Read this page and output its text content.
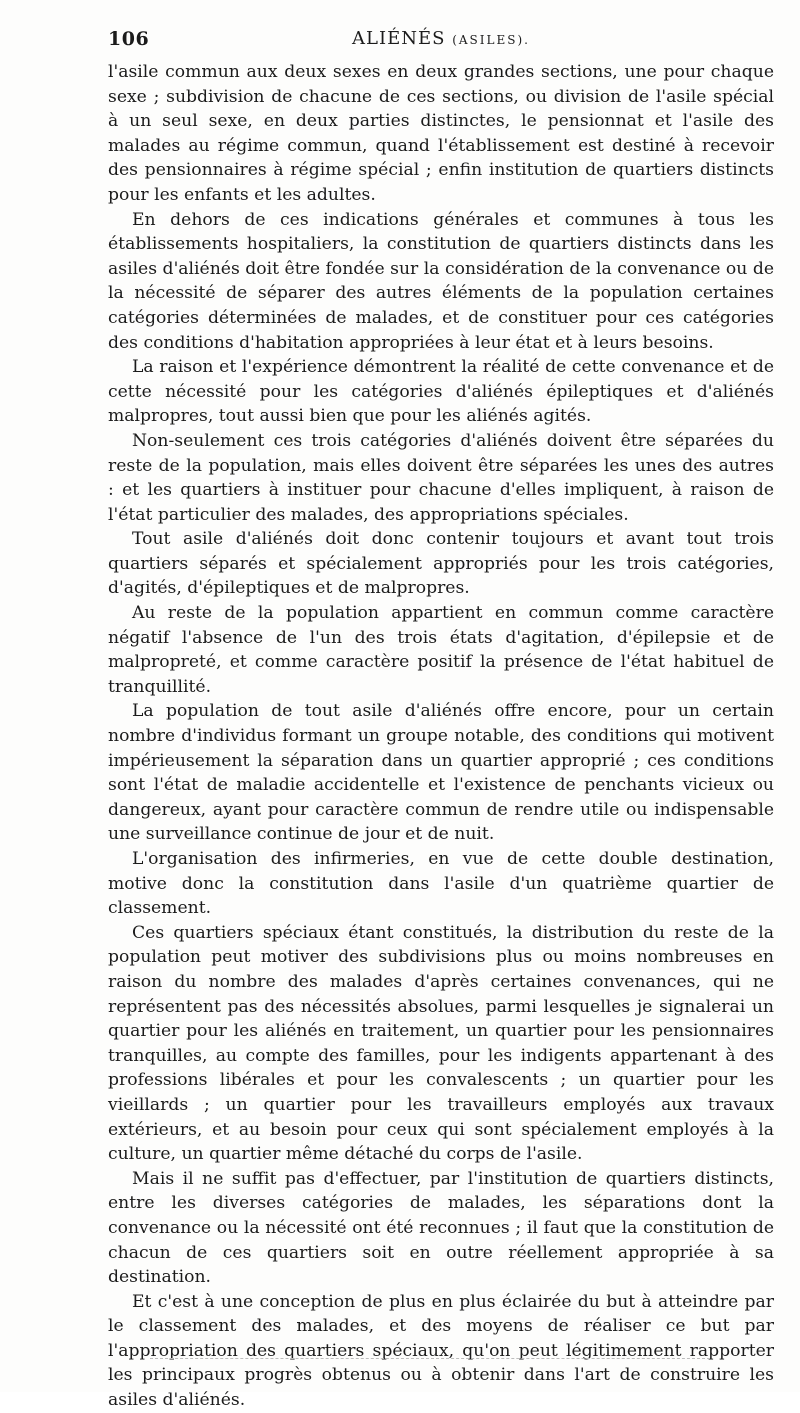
106	ALIÉNÉS (ASILES).

l'asile commun aux deux sexes en deux grandes sections, une pour chaque sexe ; subdivision de chacune de ces sections, ou division de l'asile spécial à un seul sexe, en deux parties distinctes, le pensionnat et l'asile des malades au régime commun, quand l'établissement est destiné à recevoir des pensionnaires à régime spécial ; enfin institution de quartiers distincts pour les enfants et les adultes.

En dehors de ces indications générales et communes à tous les établissements hospitaliers, la constitution de quartiers distincts dans les asiles d'aliénés doit être fondée sur la considération de la convenance ou de la nécessité de séparer des autres éléments de la population certaines catégories déterminées de malades, et de constituer pour ces catégories des conditions d'habitation appropriées à leur état et à leurs besoins.

La raison et l'expérience démontrent la réalité de cette convenance et de cette nécessité pour les catégories d'aliénés épileptiques et d'aliénés malpropres, tout aussi bien que pour les aliénés agités.

Non-seulement ces trois catégories d'aliénés doivent être séparées du reste de la population, mais elles doivent être séparées les unes des autres : et les quartiers à instituer pour chacune d'elles impliquent, à raison de l'état particulier des malades, des appropriations spéciales.

Tout asile d'aliénés doit donc contenir toujours et avant tout trois quartiers séparés et spécialement appropriés pour les trois catégories, d'agités, d'épileptiques et de malpropres.

Au reste de la population appartient en commun comme caractère négatif l'absence de l'un des trois états d'agitation, d'épilepsie et de malpropreté, et comme caractère positif la présence de l'état habituel de tranquillité.

La population de tout asile d'aliénés offre encore, pour un certain nombre d'individus formant un groupe notable, des conditions qui motivent impérieusement la séparation dans un quartier approprié ; ces conditions sont l'état de maladie accidentelle et l'existence de penchants vicieux ou dangereux, ayant pour caractère commun de rendre utile ou indispensable une surveillance continue de jour et de nuit.

L'organisation des infirmeries, en vue de cette double destination, motive donc la constitution dans l'asile d'un quatrième quartier de classement.

Ces quartiers spéciaux étant constitués, la distribution du reste de la population peut motiver des subdivisions plus ou moins nombreuses en raison du nombre des malades d'après certaines convenances, qui ne représentent pas des nécessités absolues, parmi lesquelles je signalerai un quartier pour les aliénés en traitement, un quartier pour les pensionnaires tranquilles, au compte des familles, pour les indigents appartenant à des professions libérales et pour les convalescents ; un quartier pour les vieillards ; un quartier pour les travailleurs employés aux travaux extérieurs, et au besoin pour ceux qui sont spécialement employés à la culture, un quartier même détaché du corps de l'asile.

Mais il ne suffit pas d'effectuer, par l'institution de quartiers distincts, entre les diverses catégories de malades, les séparations dont la convenance ou la nécessité ont été reconnues ; il faut que la constitution de chacun de ces quartiers soit en outre réellement appropriée à sa destination.

Et c'est à une conception de plus en plus éclairée du but à atteindre par le classement des malades, et des moyens de réaliser ce but par l'appropriation des quartiers spéciaux, qu'on peut légitimement rapporter les principaux progrès obtenus ou à obtenir dans l'art de construire les asiles d'aliénés.
